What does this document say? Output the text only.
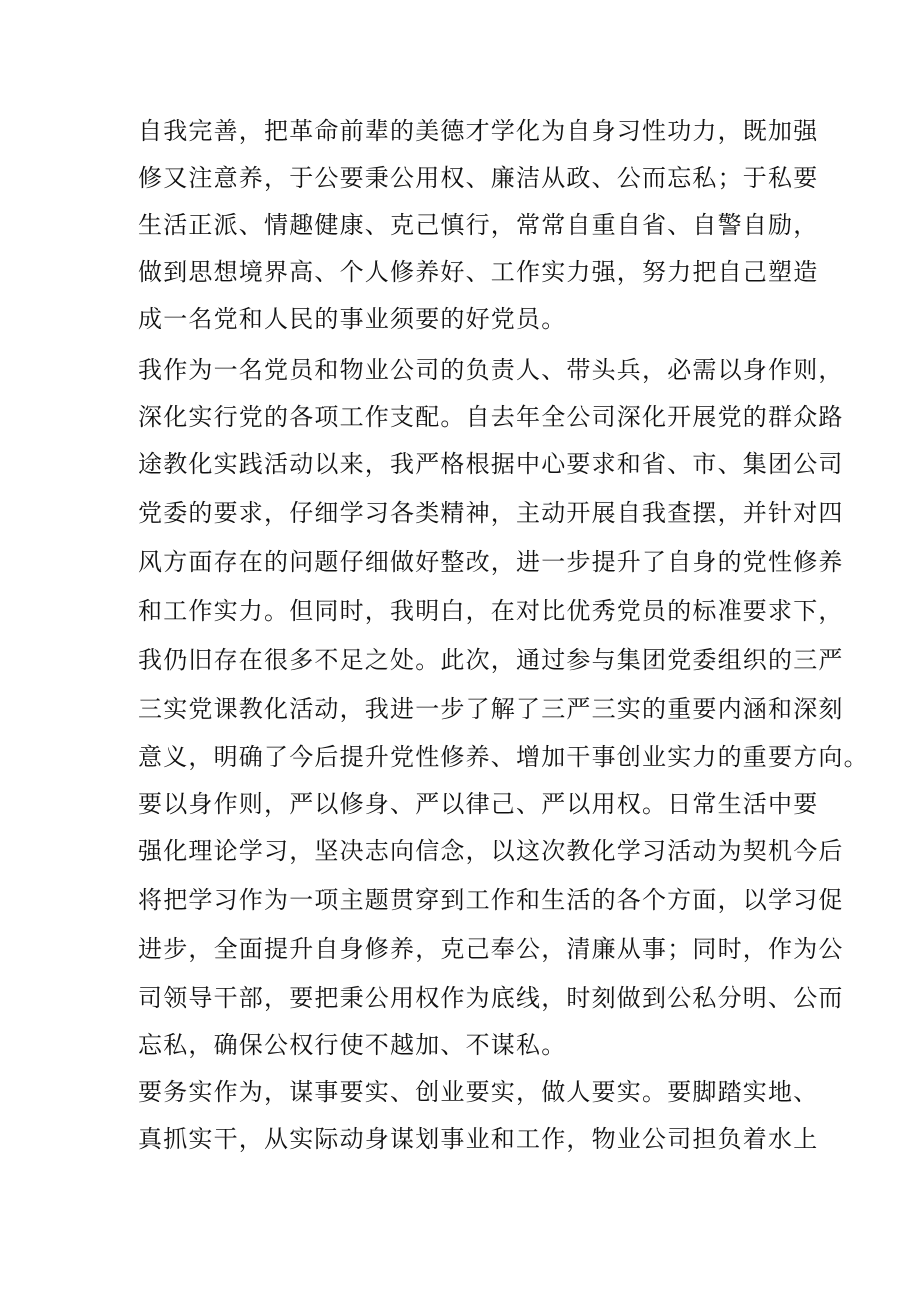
自我完善，把革命前辈的美德才学化为自身习性功力，既加强
修又注意养，于公要秉公用权、廉洁从政、公而忘私；于私要
生活正派、情趣健康、克己慎行，常常自重自省、自警自励，
做到思想境界高、个人修养好、工作实力强，努力把自己塑造
成一名党和人民的事业须要的好党员。
我作为一名党员和物业公司的负责人、带头兵，必需以身作则，
深化实行党的各项工作支配。自去年全公司深化开展党的群众路
途教化实践活动以来，我严格根据中心要求和省、市、集团公司
党委的要求，仔细学习各类精神，主动开展自我查摆，并针对四
风方面存在的问题仔细做好整改，进一步提升了自身的党性修养
和工作实力。但同时，我明白，在对比优秀党员的标准要求下，
我仍旧存在很多不足之处。此次，通过参与集团党委组织的三严
三实党课教化活动，我进一步了解了三严三实的重要内涵和深刻
意义，明确了今后提升党性修养、增加干事创业实力的重要方向。
要以身作则，严以修身、严以律己、严以用权。日常生活中要
强化理论学习，坚决志向信念，以这次教化学习活动为契机今后
将把学习作为一项主题贯穿到工作和生活的各个方面，以学习促
进步，全面提升自身修养，克己奉公，清廉从事；同时，作为公
司领导干部，要把秉公用权作为底线，时刻做到公私分明、公而
忘私，确保公权行使不越加、不谋私。
要务实作为，谋事要实、创业要实，做人要实。要脚踏实地、
真抓实干，从实际动身谋划事业和工作，物业公司担负着水上
